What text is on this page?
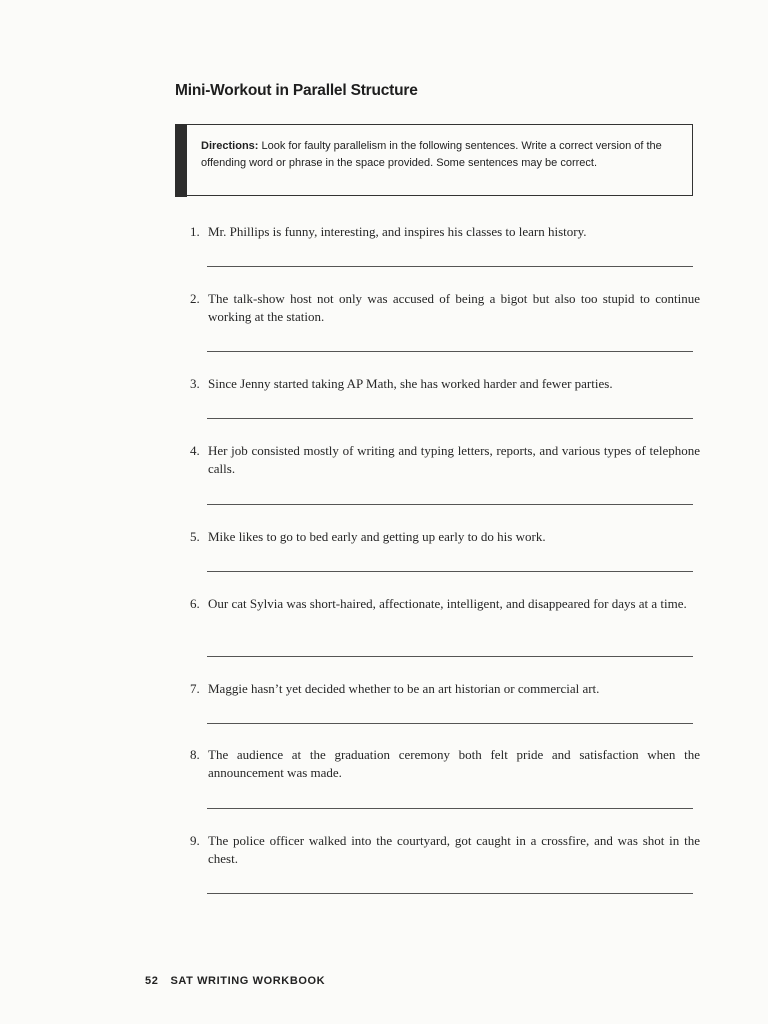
Mini-Workout in Parallel Structure
Directions: Look for faulty parallelism in the following sentences. Write a correct version of the offending word or phrase in the space provided. Some sentences may be correct.
1. Mr. Phillips is funny, interesting, and inspires his classes to learn history.
2. The talk-show host not only was accused of being a bigot but also too stupid to continue working at the station.
3. Since Jenny started taking AP Math, she has worked harder and fewer parties.
4. Her job consisted mostly of writing and typing letters, reports, and various types of telephone calls.
5. Mike likes to go to bed early and getting up early to do his work.
6. Our cat Sylvia was short-haired, affectionate, intelligent, and disappeared for days at a time.
7. Maggie hasn’t yet decided whether to be an art historian or commercial art.
8. The audience at the graduation ceremony both felt pride and satisfaction when the announcement was made.
9. The police officer walked into the courtyard, got caught in a crossfire, and was shot in the chest.
52 SAT WRITING WORKBOOK
